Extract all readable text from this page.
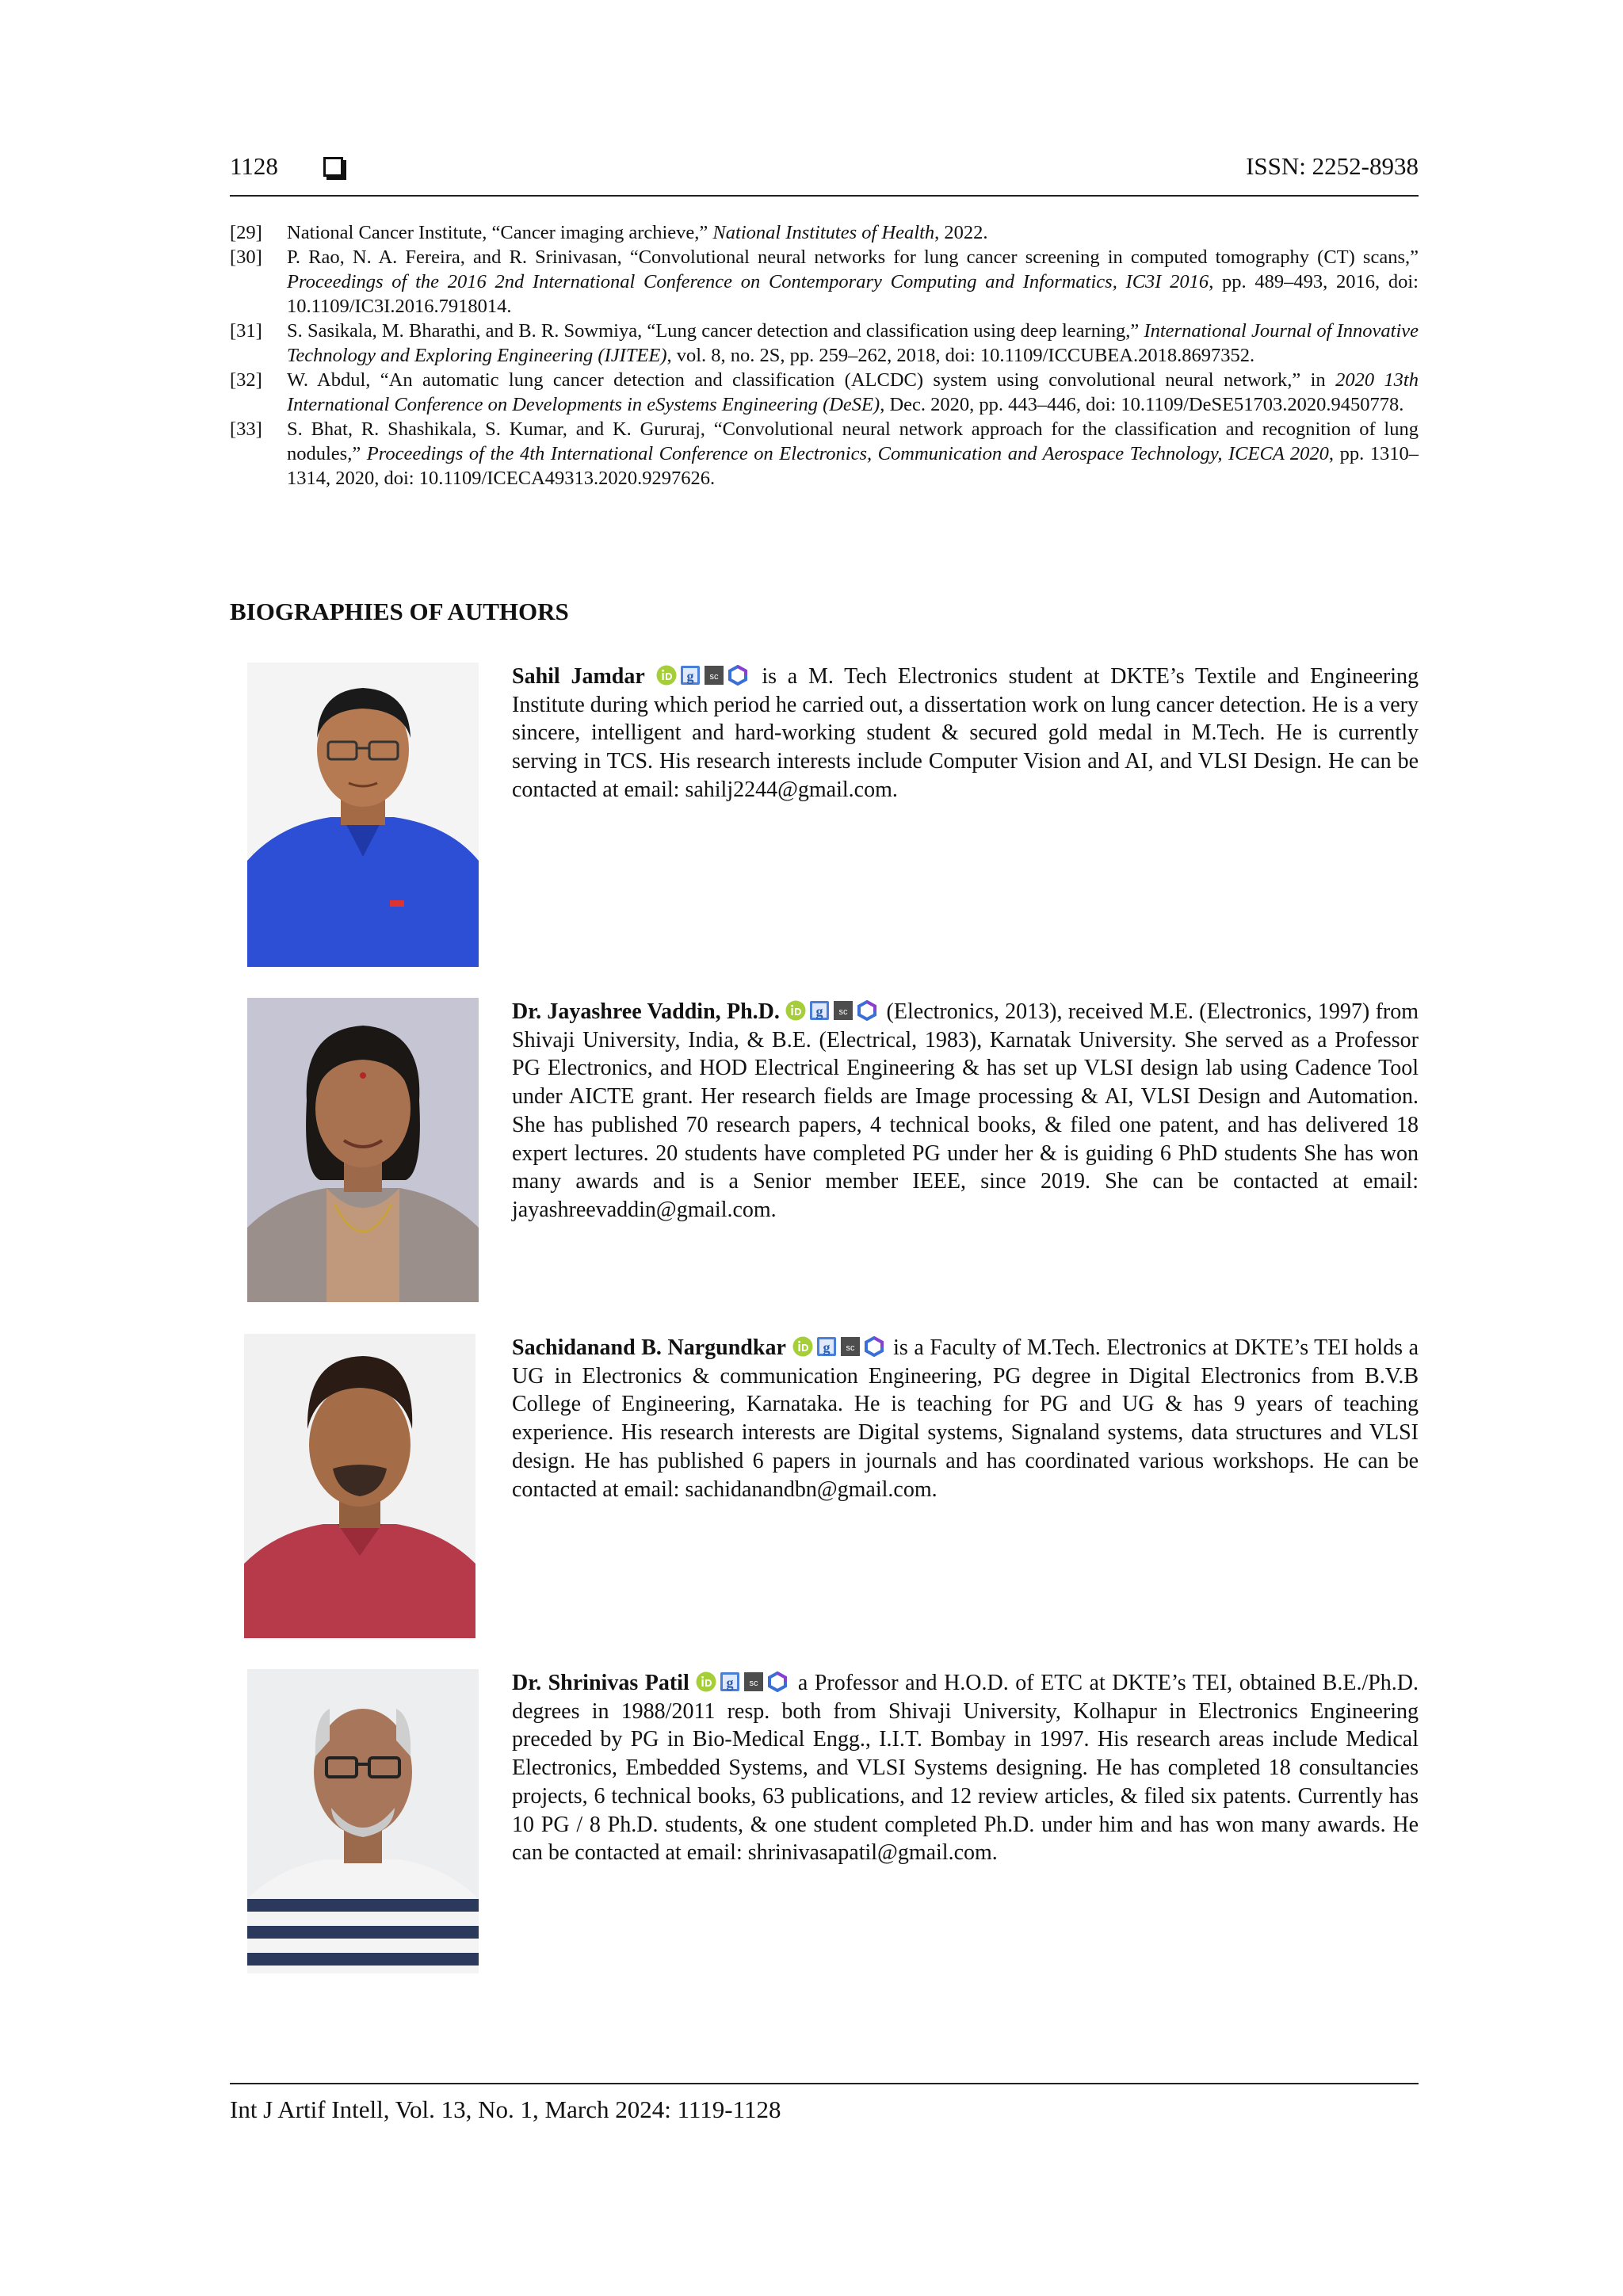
1128	ISSN: 2252-8938

[29] National Cancer Institute, “Cancer imaging archieve,” National Institutes of Health, 2022.

[30] P. Rao, N. A. Fereira, and R. Srinivasan, “Convolutional neural networks for lung cancer screening in computed tomography (CT) scans,” Proceedings of the 2016 2nd International Conference on Contemporary Computing and Informatics, IC3I 2016, pp. 489–493, 2016, doi: 10.1109/IC3I.2016.7918014.

[31] S. Sasikala, M. Bharathi, and B. R. Sowmiya, “Lung cancer detection and classification using deep learning,” International Journal of Innovative Technology and Exploring Engineering (IJITEE), vol. 8, no. 2S, pp. 259–262, 2018, doi: 10.1109/ICCUBEA.2018.8697352.

[32] W. Abdul, “An automatic lung cancer detection and classification (ALCDC) system using convolutional neural network,” in 2020 13th International Conference on Developments in eSystems Engineering (DeSE), Dec. 2020, pp. 443–446, doi: 10.1109/DeSE51703.2020.9450778.

[33] S. Bhat, R. Shashikala, S. Kumar, and K. Gururaj, “Convolutional neural network approach for the classification and recognition of lung nodules,” Proceedings of the 4th International Conference on Electronics, Communication and Aerospace Technology, ICECA 2020, pp. 1310–1314, 2020, doi: 10.1109/ICECA49313.2020.9297626.

BIOGRAPHIES OF AUTHORS
Sahil Jamdar	is a M. Tech Electronics student at DKTE’s Textile and Engineering Institute during which period he carried out, a dissertation work on lung cancer detection. He is a very sincere, intelligent and hard-working student & secured gold medal in M.Tech. He is currently serving in TCS. His research interests include Computer Vision and AI, and VLSI Design. He can be contacted at email: sahilj2244@gmail.com.
Dr. Jayashree Vaddin, Ph.D.	(Electronics, 2013), received M.E. (Electronics, 1997) from Shivaji University, India, & B.E. (Electrical, 1983), Karnatak University. She served as a Professor PG Electronics, and HOD Electrical Engineering & has set up VLSI design lab using Cadence Tool under AICTE grant. Her research fields are Image processing & AI, VLSI Design and Automation. She has published 70 research papers, 4 technical books, & filed one patent, and has delivered 18 expert lectures. 20 students have completed PG under her & is guiding 6 PhD students She has won many awards and is a Senior member IEEE, since 2019. She can be contacted at email: jayashreevaddin@gmail.com.
Sachidanand B. Nargundkar	is a Faculty of M.Tech. Electronics at DKTE’s TEI holds a UG in Electronics & communication Engineering, PG degree in Digital Electronics from B.V.B College of Engineering, Karnataka. He is teaching for PG and UG & has 9 years of teaching experience. His research interests are Digital systems, Signaland systems, data structures and VLSI design. He has published 6 papers in journals and has coordinated various workshops. He can be contacted at email: sachidanandbn@gmail.com.
Dr. Shrinivas Patil	a Professor and H.O.D. of ETC at DKTE’s TEI, obtained B.E./Ph.D. degrees in 1988/2011 resp. both from Shivaji University, Kolhapur in Electronics Engineering preceded by PG in Bio-Medical Engg., I.I.T. Bombay in 1997. His research areas include Medical Electronics, Embedded Systems, and VLSI Systems designing. He has completed 18 consultancies projects, 6 technical books, 63 publications, and 12 review articles, & filed six patents. Currently has 10 PG / 8 Ph.D. students, & one student completed Ph.D. under him and has won many awards. He can be contacted at email: shrinivasapatil@gmail.com.
Int J Artif Intell, Vol. 13, No. 1, March 2024: 1119-1128
